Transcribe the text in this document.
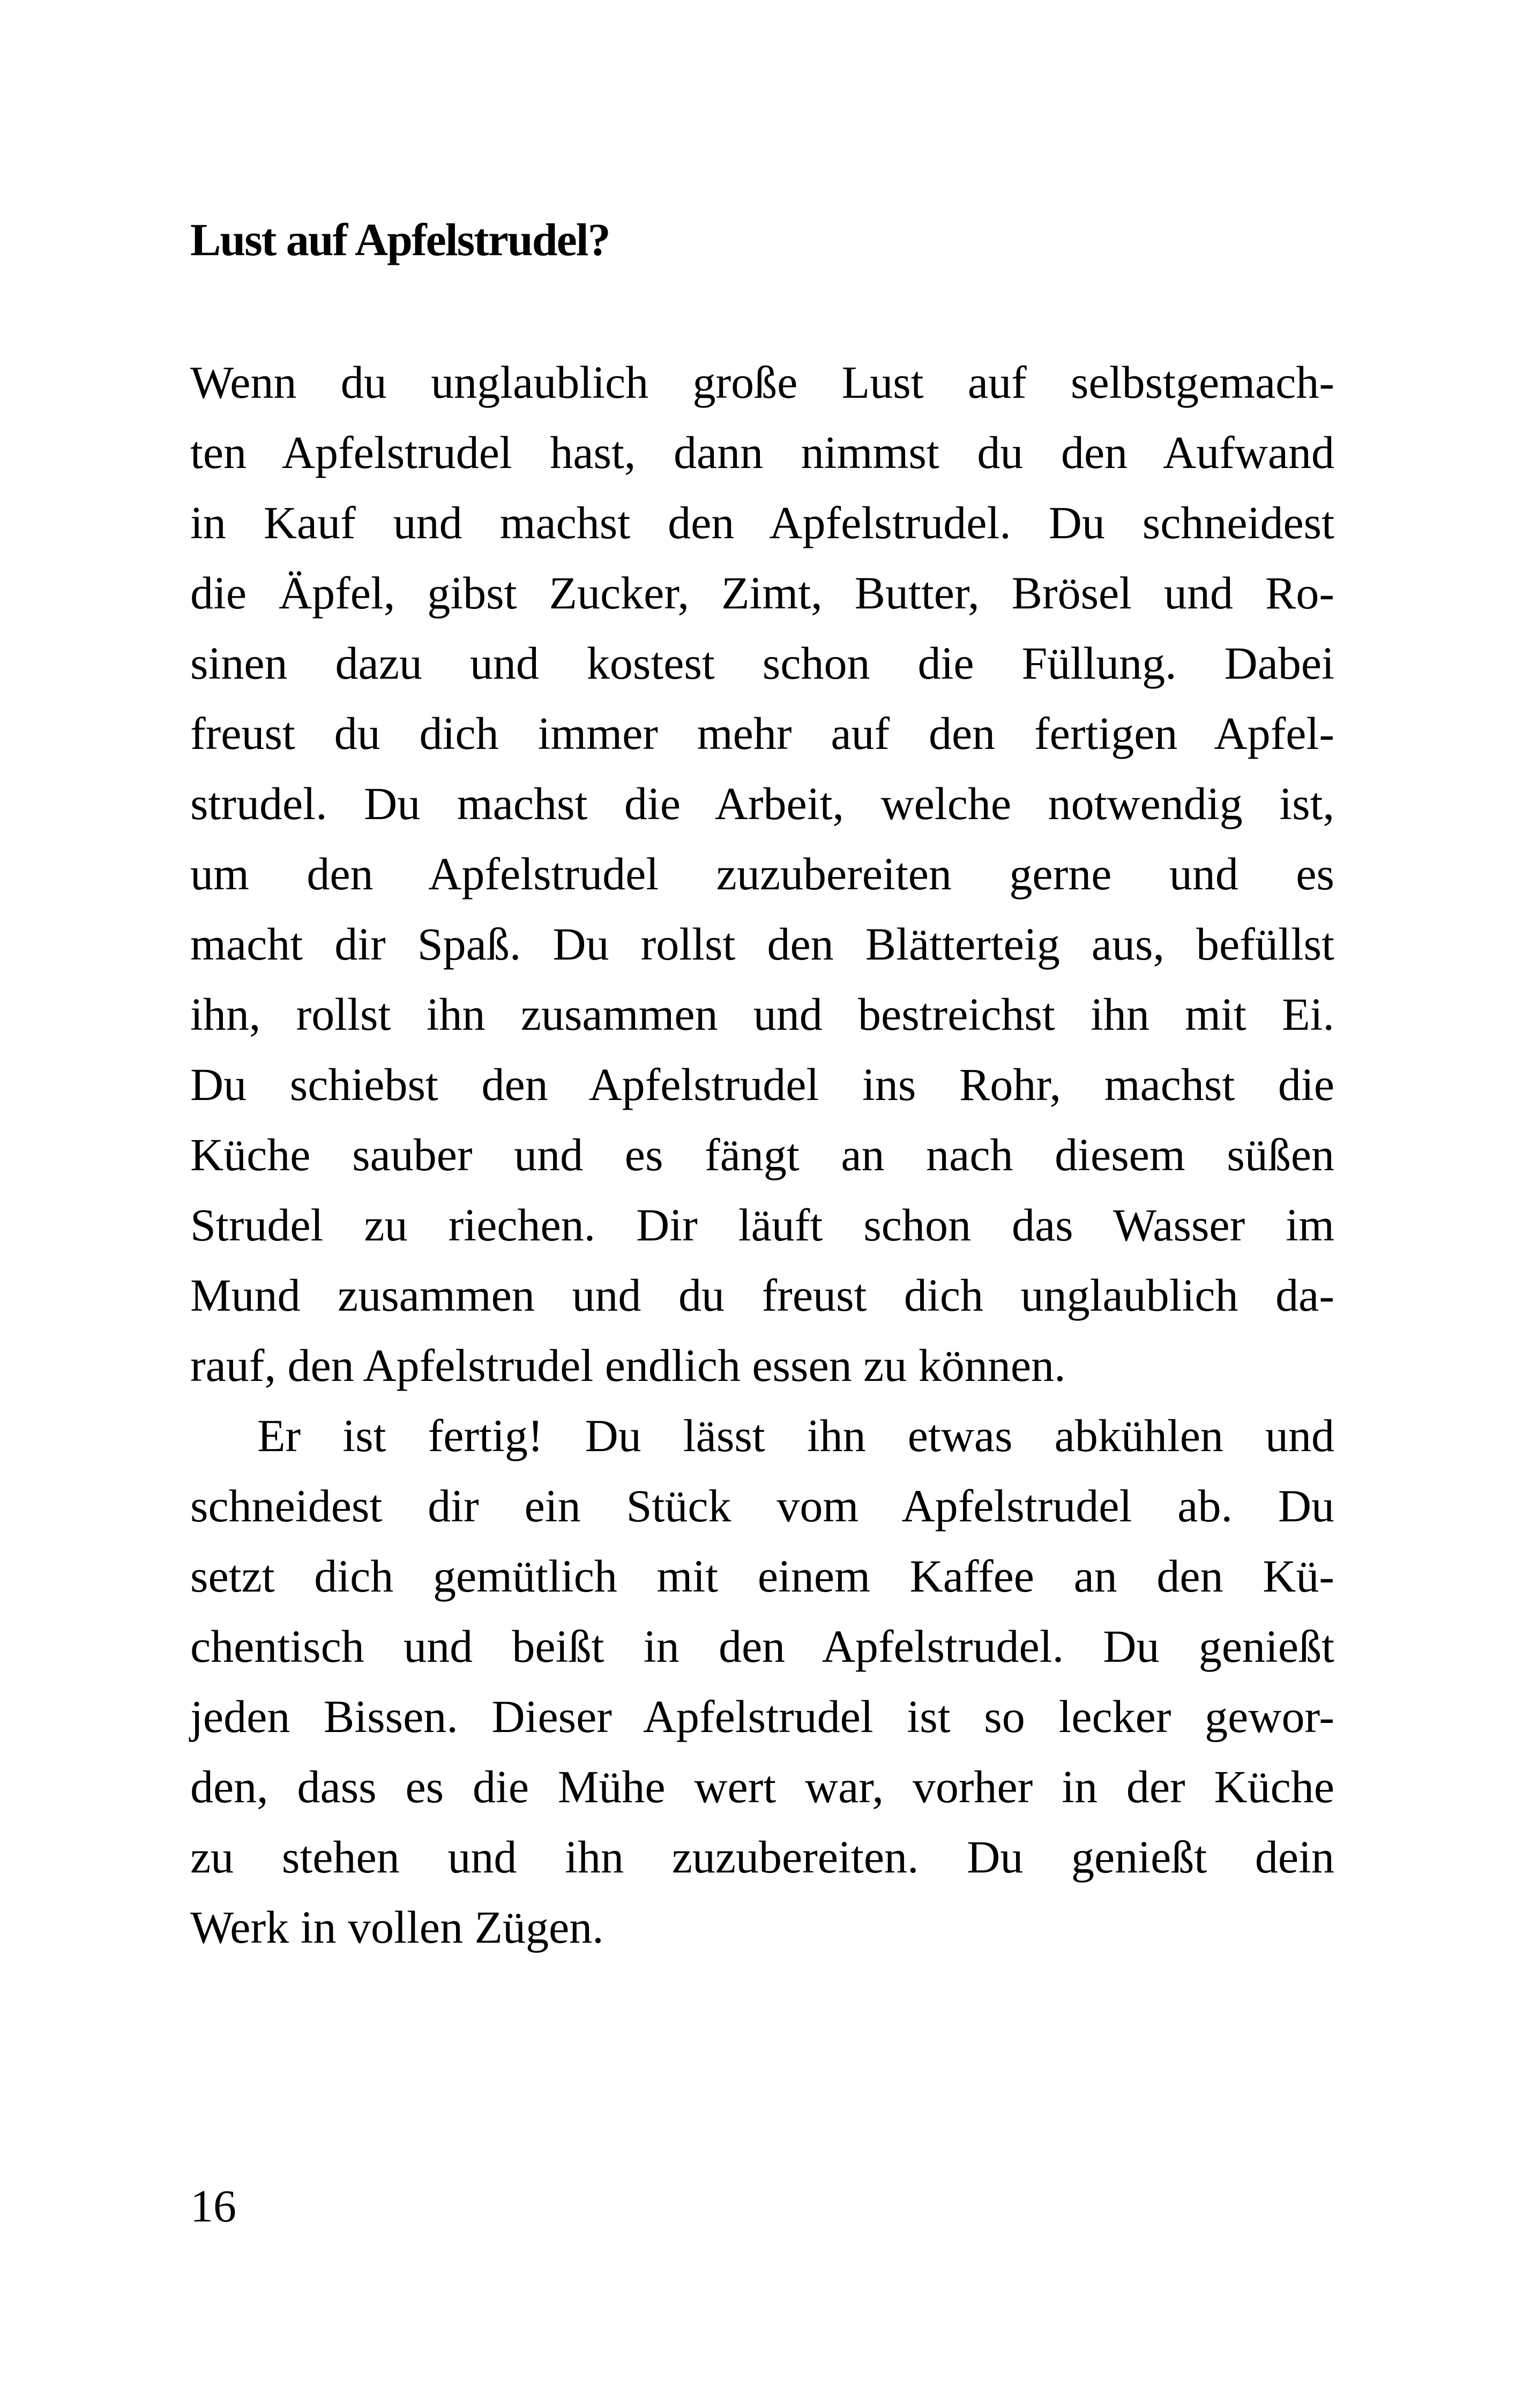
Lust auf Apfelstrudel?
Wenn du unglaublich große Lust auf selbstgemach-
ten Apfelstrudel hast, dann nimmst du den Aufwand
in Kauf und machst den Apfelstrudel. Du schneidest
die Äpfel, gibst Zucker, Zimt, Butter, Brösel und Ro-
sinen dazu und kostest schon die Füllung. Dabei
freust du dich immer mehr auf den fertigen Apfel-
strudel. Du machst die Arbeit, welche notwendig ist,
um den Apfelstrudel zuzubereiten gerne und es
macht dir Spaß. Du rollst den Blätterteig aus, befüllst
ihn, rollst ihn zusammen und bestreichst ihn mit Ei.
Du schiebst den Apfelstrudel ins Rohr, machst die
Küche sauber und es fängt an nach diesem süßen
Strudel zu riechen. Dir läuft schon das Wasser im
Mund zusammen und du freust dich unglaublich da-
rauf, den Apfelstrudel endlich essen zu können.
Er ist fertig! Du lässt ihn etwas abkühlen und
schneidest dir ein Stück vom Apfelstrudel ab. Du
setzt dich gemütlich mit einem Kaffee an den Kü-
chentisch und beißt in den Apfelstrudel. Du genießt
jeden Bissen. Dieser Apfelstrudel ist so lecker gewor-
den, dass es die Mühe wert war, vorher in der Küche
zu stehen und ihn zuzubereiten. Du genießt dein
Werk in vollen Zügen.
16
